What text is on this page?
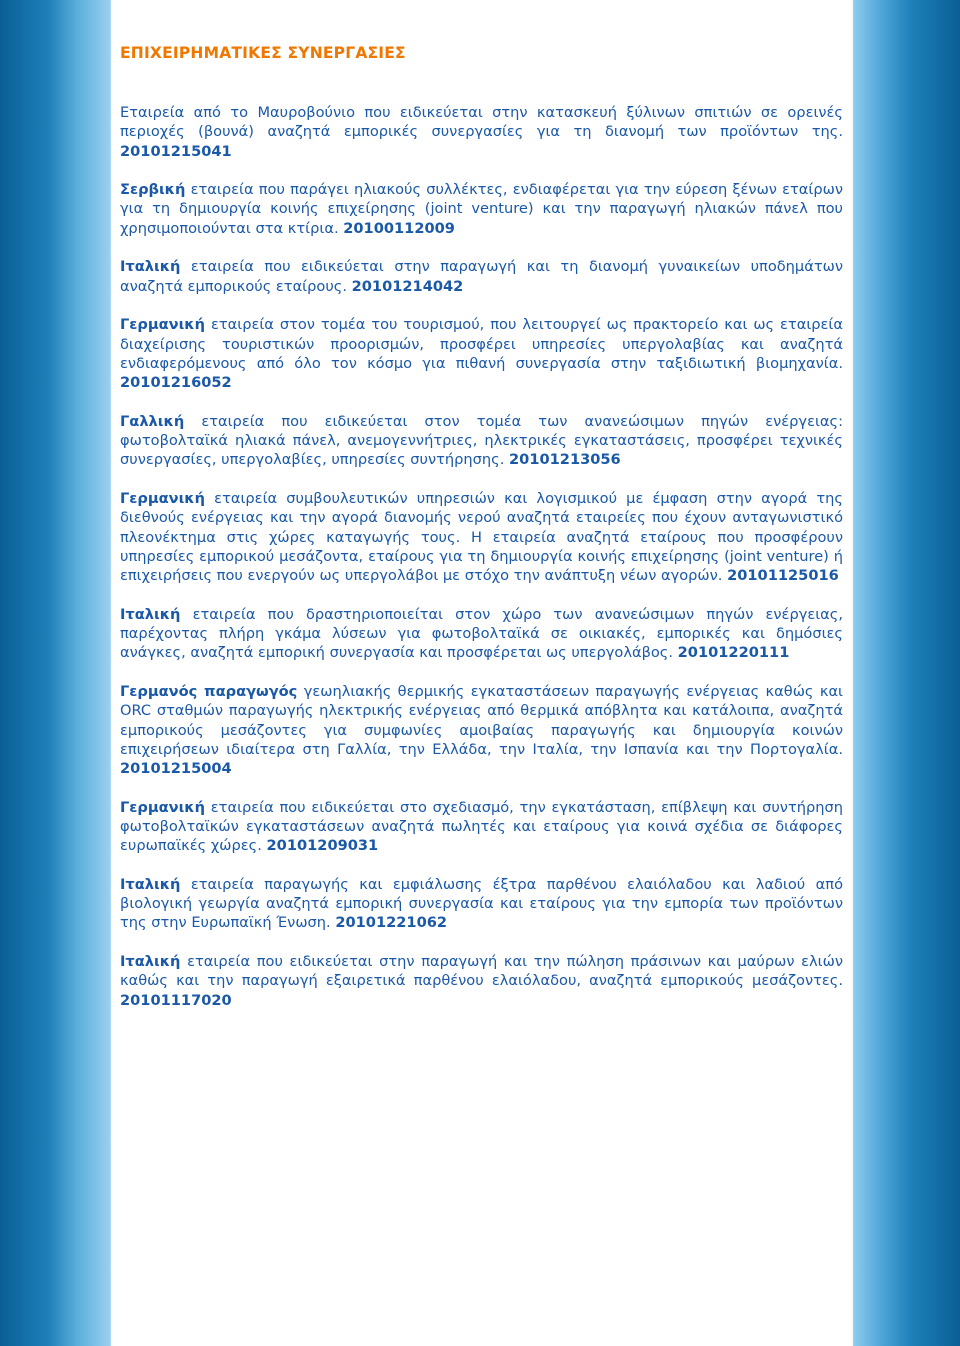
ΕΠΙΧΕΙΡΗΜΑΤΙΚΕΣ ΣΥΝΕΡΓΑΣΙΕΣ

Εταιρεία από το Μαυροβούνιο που ειδικεύεται στην κατασκευή ξύλινων σπιτιών σε ορεινές περιοχές (βουνά) αναζητά εμπορικές συνεργασίες για τη διανομή των προϊόντων της. 20101215041

Σερβική εταιρεία που παράγει ηλιακούς συλλέκτες, ενδιαφέρεται για την εύρεση ξένων εταίρων για τη δημιουργία κοινής επιχείρησης (joint venture) και την παραγωγή ηλιακών πάνελ που χρησιμοποιούνται στα κτίρια. 20100112009

Ιταλική εταιρεία που ειδικεύεται στην παραγωγή και τη διανομή γυναικείων υποδημάτων αναζητά εμπορικούς εταίρους. 20101214042

Γερμανική εταιρεία στον τομέα του τουρισμού, που λειτουργεί ως πρακτορείο και ως εταιρεία διαχείρισης τουριστικών προορισμών, προσφέρει υπηρεσίες υπεργολαβίας και αναζητά ενδιαφερόμενους από όλο τον κόσμο για πιθανή συνεργασία στην ταξιδιωτική βιομηχανία. 20101216052

Γαλλική εταιρεία που ειδικεύεται στον τομέα των ανανεώσιμων πηγών ενέργειας: φωτοβολταϊκά ηλιακά πάνελ, ανεμογεννήτριες, ηλεκτρικές εγκαταστάσεις, προσφέρει τεχνικές συνεργασίες, υπεργολαβίες, υπηρεσίες συντήρησης. 20101213056

Γερμανική εταιρεία συμβουλευτικών υπηρεσιών και λογισμικού με έμφαση στην αγορά της διεθνούς ενέργειας και την αγορά διανομής νερού αναζητά εταιρείες που έχουν ανταγωνιστικό πλεονέκτημα στις χώρες καταγωγής τους. Η εταιρεία αναζητά εταίρους που προσφέρουν υπηρεσίες εμπορικού μεσάζοντα, εταίρους για τη δημιουργία κοινής επιχείρησης (joint venture) ή επιχειρήσεις που ενεργούν ως υπεργολάβοι με στόχο την ανάπτυξη νέων αγορών. 20101125016

Ιταλική εταιρεία που δραστηριοποιείται στον χώρο των ανανεώσιμων πηγών ενέργειας, παρέχοντας πλήρη γκάμα λύσεων για φωτοβολταϊκά σε οικιακές, εμπορικές και δημόσιες ανάγκες, αναζητά εμπορική συνεργασία και προσφέρεται ως υπεργολάβος. 20101220111

Γερμανός παραγωγός γεωηλιακής θερμικής εγκαταστάσεων παραγωγής ενέργειας καθώς και ORC σταθμών παραγωγής ηλεκτρικής ενέργειας από θερμικά απόβλητα και κατάλοιπα, αναζητά εμπορικούς μεσάζοντες για συμφωνίες αμοιβαίας παραγωγής και δημιουργία κοινών επιχειρήσεων ιδιαίτερα στη Γαλλία, την Ελλάδα, την Ιταλία, την Ισπανία και την Πορτογαλία. 20101215004

Γερμανική εταιρεία που ειδικεύεται στο σχεδιασμό, την εγκατάσταση, επίβλεψη και συντήρηση φωτοβολταϊκών εγκαταστάσεων αναζητά πωλητές και εταίρους για κοινά σχέδια σε διάφορες ευρωπαϊκές χώρες. 20101209031

Ιταλική εταιρεία παραγωγής και εμφιάλωσης έξτρα παρθένου ελαιόλαδου και λαδιού από βιολογική γεωργία αναζητά εμπορική συνεργασία και εταίρους για την εμπορία των προϊόντων της στην Ευρωπαϊκή Ένωση. 20101221062

Ιταλική εταιρεία που ειδικεύεται στην παραγωγή και την πώληση πράσινων και μαύρων ελιών καθώς και την παραγωγή εξαιρετικά παρθένου ελαιόλαδου, αναζητά εμπορικούς μεσάζοντες. 20101117020
